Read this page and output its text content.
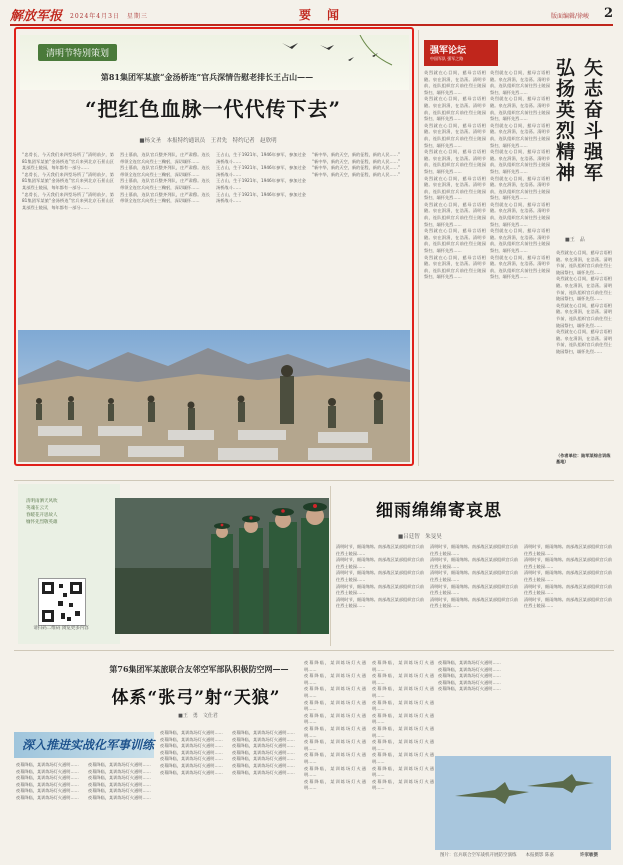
解放军报 2024年4月3日　星期三	要　闻	版面编辑/徐峻 2
清明节特别策划
第81集团军某旅“金汤桥连”官兵深情告慰老排长王占山——
“把红色血脉一代代传下去”
■杨文圣　本报特约通讯员　王君先　特约记者　赵欣明
“忠骨长，今天我们来四型场所了”清明前夕，第81集团军某旅“金汤桥连”官兵来到北京石景山区某部烈士陵园，每年都有一部分……
“忠骨长，今天我们来四型场所了”清明前夕，第81集团军某旅“金汤桥连”官兵来到北京石景山区某部烈士陵园，每年都有一部分……
“忠骨长，今天我们来四型场所了”清明前夕，第81集团军某旅“金汤桥连”官兵来到北京石景山区某部烈士陵园，每年都有一部分……
烈士墓前，连队官兵整齐列队，庄严肃穆。连长带领全连官兵向烈士三鞠躬，深切缅怀……
烈士墓前，连队官兵整齐列队，庄严肃穆。连长带领全连官兵向烈士三鞠躬，深切缅怀……
烈士墓前，连队官兵整齐列队，庄严肃穆。连长带领全连官兵向烈士三鞠躬，深切缅怀……
烈士墓前，连队官兵整齐列队，庄严肃穆。连长带领全连官兵向烈士三鞠躬，深切缅怀……
王占山，生于1921年，1946年参军，参加过金汤桥战斗……
王占山，生于1921年，1946年参军，参加过金汤桥战斗……
王占山，生于1921年，1946年参军，参加过金汤桥战斗……
王占山，生于1921年，1946年参军，参加过金汤桥战斗……
“新中华，新的天空，新的征程，新的人民……”
“新中华，新的天空，新的征程，新的人民……”
“新中华，新的天空，新的征程，新的人民……”
“新中华，新的天空，新的征程，新的人民……”
强军论坛
中国军队 强军之路	弘扬英烈精神
矢志奋斗强军
■王　品
英烈就在心目间，慈母言语相随。泉在涓涓，在浩荡。清明节前，连队组织官兵前往烈士陵园祭扫，缅怀先烈……
英烈就在心目间，慈母言语相随。泉在涓涓，在浩荡。清明节前，连队组织官兵前往烈士陵园祭扫，缅怀先烈……
英烈就在心目间，慈母言语相随。泉在涓涓，在浩荡。清明节前，连队组织官兵前往烈士陵园祭扫，缅怀先烈……
英烈就在心目间，慈母言语相随。泉在涓涓，在浩荡。清明节前，连队组织官兵前往烈士陵园祭扫，缅怀先烈……
英烈就在心目间，慈母言语相随。泉在涓涓，在浩荡。清明节前，连队组织官兵前往烈士陵园祭扫，缅怀先烈……
英烈就在心目间，慈母言语相随。泉在涓涓，在浩荡。清明节前，连队组织官兵前往烈士陵园祭扫，缅怀先烈……
英烈就在心目间，慈母言语相随。泉在涓涓，在浩荡。清明节前，连队组织官兵前往烈士陵园祭扫，缅怀先烈……
英烈就在心目间，慈母言语相随。泉在涓涓，在浩荡。清明节前，连队组织官兵前往烈士陵园祭扫，缅怀先烈……
英烈就在心目间，慈母言语相随。泉在涓涓，在浩荡。清明节前，连队组织官兵前往烈士陵园祭扫，缅怀先烈……
英烈就在心目间，慈母言语相随。泉在涓涓，在浩荡。清明节前，连队组织官兵前往烈士陵园祭扫，缅怀先烈……
英烈就在心目间，慈母言语相随。泉在涓涓，在浩荡。清明节前，连队组织官兵前往烈士陵园祭扫，缅怀先烈……
英烈就在心目间，慈母言语相随。泉在涓涓，在浩荡。清明节前，连队组织官兵前往烈士陵园祭扫，缅怀先烈……
英烈就在心目间，慈母言语相随。泉在涓涓，在浩荡。清明节前，连队组织官兵前往烈士陵园祭扫，缅怀先烈……
英烈就在心目间，慈母言语相随。泉在涓涓，在浩荡。清明节前，连队组织官兵前往烈士陵园祭扫，缅怀先烈……
英烈就在心目间，慈母言语相随。泉在涓涓，在浩荡。清明节前，连队组织官兵前往烈士陵园祭扫，缅怀先烈……
英烈就在心目间，慈母言语相随。泉在涓涓，在浩荡。清明节前，连队组织官兵前往烈士陵园祭扫，缅怀先烈……
英烈就在心目间，慈母言语相随。泉在涓涓，在浩荡。清明节前，连队组织官兵前往烈士陵园祭扫，缅怀先烈……
英烈就在心目间，慈母言语相随。泉在涓涓，在浩荡。清明节前，连队组织官兵前往烈士陵园祭扫，缅怀先烈……
英烈就在心目间，慈母言语相随。泉在涓涓，在浩荡。清明节前，连队组织官兵前往烈士陵园祭扫，缅怀先烈……
英烈就在心目间，慈母言语相随。泉在涓涓，在浩荡。清明节前，连队组织官兵前往烈士陵园祭扫，缅怀先烈……
（作者单位：陆军某综合训练基地）
清明雨洒天风吹
英魂在云天
春暖花开思故人
缅怀先烈敬英雄
请扫码二维码 浏览更多内容
细雨绵绵寄哀思
■吕廷智　朱旻昊
清明时节，细雨绵绵。南部战区某部组织官兵前往烈士陵园……
清明时节，细雨绵绵。南部战区某部组织官兵前往烈士陵园……
清明时节，细雨绵绵。南部战区某部组织官兵前往烈士陵园……
清明时节，细雨绵绵。南部战区某部组织官兵前往烈士陵园……
清明时节，细雨绵绵。南部战区某部组织官兵前往烈士陵园……
清明时节，细雨绵绵。南部战区某部组织官兵前往烈士陵园……
清明时节，细雨绵绵。南部战区某部组织官兵前往烈士陵园……
清明时节，细雨绵绵。南部战区某部组织官兵前往烈士陵园……
清明时节，细雨绵绵。南部战区某部组织官兵前往烈士陵园……
清明时节，细雨绵绵。南部战区某部组织官兵前往烈士陵园……
清明时节，细雨绵绵。南部战区某部组织官兵前往烈士陵园……
清明时节，细雨绵绵。南部战区某部组织官兵前往烈士陵园……
清明时节，细雨绵绵。南部战区某部组织官兵前往烈士陵园……
清明时节，细雨绵绵。南部战区某部组织官兵前往烈士陵园……
清明时节，细雨绵绵。南部战区某部组织官兵前往烈士陵园……
第76集团军某旅联合友邻空军部队积极防空网——
体系“张弓”射“天狼”
■王　勇　文仕君
深入推进实战化军事训练
夜幕降临，某训练场灯火通明……
夜幕降临，某训练场灯火通明……
夜幕降临，某训练场灯火通明……
夜幕降临，某训练场灯火通明……
夜幕降临，某训练场灯火通明……
夜幕降临，某训练场灯火通明……
夜幕降临，某训练场灯火通明……
夜幕降临，某训练场灯火通明……
夜幕降临，某训练场灯火通明……
夜幕降临，某训练场灯火通明……
夜幕降临，某训练场灯火通明……
夜幕降临，某训练场灯火通明……
夜幕降临，某训练场灯火通明……
夜幕降临，某训练场灯火通明……
夜幕降临，某训练场灯火通明……
夜幕降临，某训练场灯火通明……
夜幕降临，某训练场灯火通明……
夜幕降临，某训练场灯火通明……
夜幕降临，某训练场灯火通明……
夜幕降临，某训练场灯火通明……
夜幕降临，某训练场灯火通明……
夜幕降临，某训练场灯火通明……
夜幕降临，某训练场灯火通明……
夜幕降临，某训练场灯火通明……
夜幕降临，某训练场灯火通明……
夜幕降临，某训练场灯火通明……
夜幕降临，某训练场灯火通明……
夜幕降临，某训练场灯火通明……
夜幕降临，某训练场灯火通明……
夜幕降临，某训练场灯火通明……
夜幕降临，某训练场灯火通明……
夜幕降临，某训练场灯火通明……
夜幕降临，某训练场灯火通明……
夜幕降临，某训练场灯火通明……
夜幕降临，某训练场灯火通明……
夜幕降临，某训练场灯火通明……
夜幕降临，某训练场灯火通明……
夜幕降临，某训练场灯火通明……
夜幕降临，某训练场灯火通明……
夜幕降临，某训练场灯火通明……
夜幕降临，某训练场灯火通明……
夜幕降临，某训练场灯火通明……
夜幕降临，某训练场灯火通明……
夜幕降临，某训练场灯火通明……
夜幕降临，某训练场灯火通明……
夜幕降临，某训练场灯火通明……
夜幕降临，某训练场灯火通明……
夜幕降临，某训练场灯火通明……
夜幕降临，某训练场灯火通明……
夜幕降临，某训练场灯火通明……
夜幕降临，某训练场灯火通明……
图片：官兵联合空军战机开展防空演练　　本报摄影 陈嘉	许家敏摄
